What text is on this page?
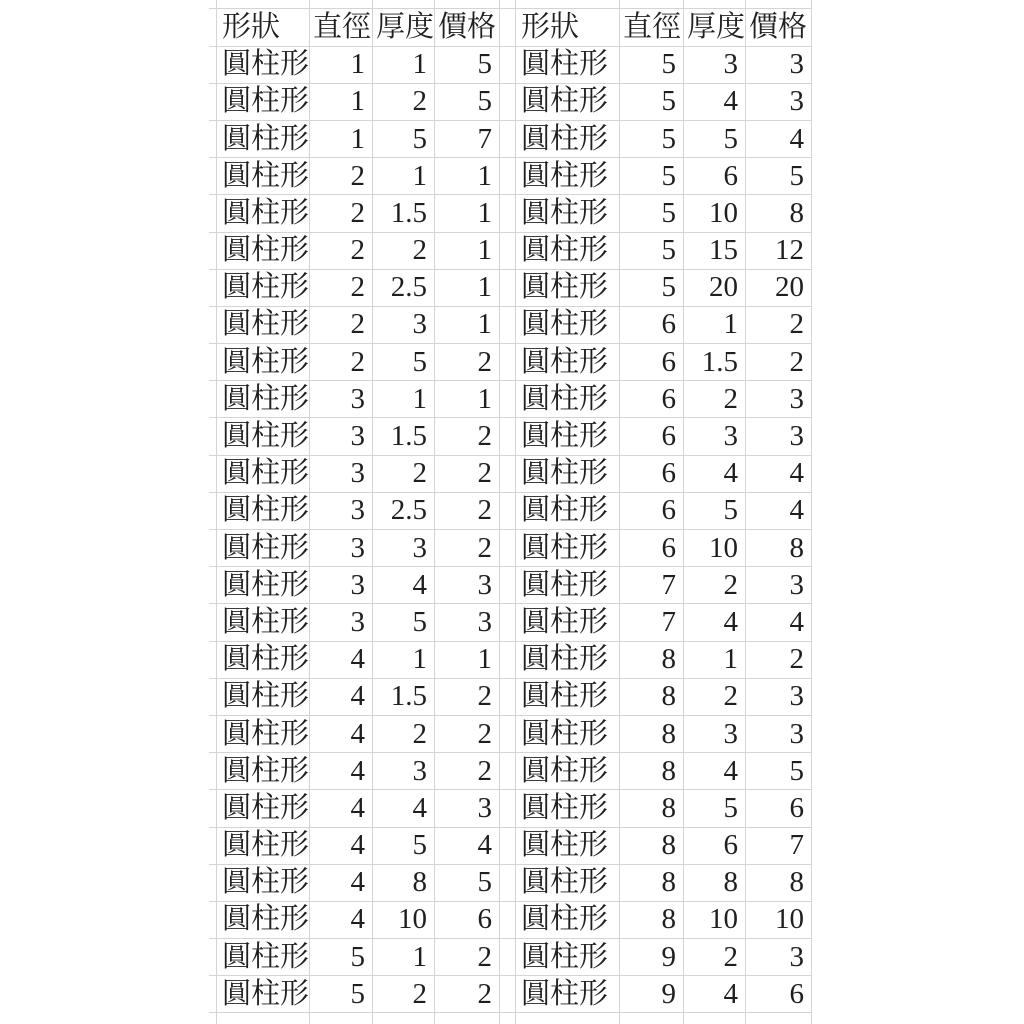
形狀	直徑 厚度 價格 形狀	直徑 厚度 價格
圓柱形	1	1	5 圓柱形	5	3	3
圓柱形	1	2	5 圓柱形	5	4	3
圓柱形	1	5	7 圓柱形	5	5	4
圓柱形	2	1	1 圓柱形	5	6	5
圓柱形	2 1.5	1 圓柱形	5	10	8
圓柱形	2	2	1 圓柱形	5	15	12
圓柱形	2 2.5	1 圓柱形	5	20	20
圓柱形	2	3	1 圓柱形	6	1	2
圓柱形	2	5	2 圓柱形	6 1.5	2
圓柱形	3	1	1 圓柱形	6	2	3
圓柱形	3 1.5	2 圓柱形	6	3	3
圓柱形	3	2	2 圓柱形	6	4	4
圓柱形	3 2.5	2 圓柱形	6	5	4
圓柱形	3	3	2 圓柱形	6	10	8
圓柱形	3	4	3 圓柱形	7	2	3
圓柱形	3	5	3 圓柱形	7	4	4
圓柱形	4	1	1 圓柱形	8	1	2
圓柱形	4 1.5	2 圓柱形	8	2	3
圓柱形	4	2	2 圓柱形	8	3	3
圓柱形	4	3	2 圓柱形	8	4	5
圓柱形	4	4	3 圓柱形	8	5	6
圓柱形	4	5	4 圓柱形	8	6	7
圓柱形	4	8	5 圓柱形	8	8	8
圓柱形	4	10	6 圓柱形	8	10	10
圓柱形	5	1	2 圓柱形	9	2	3
圓柱形	5	2	2 圓柱形	9	4	6
